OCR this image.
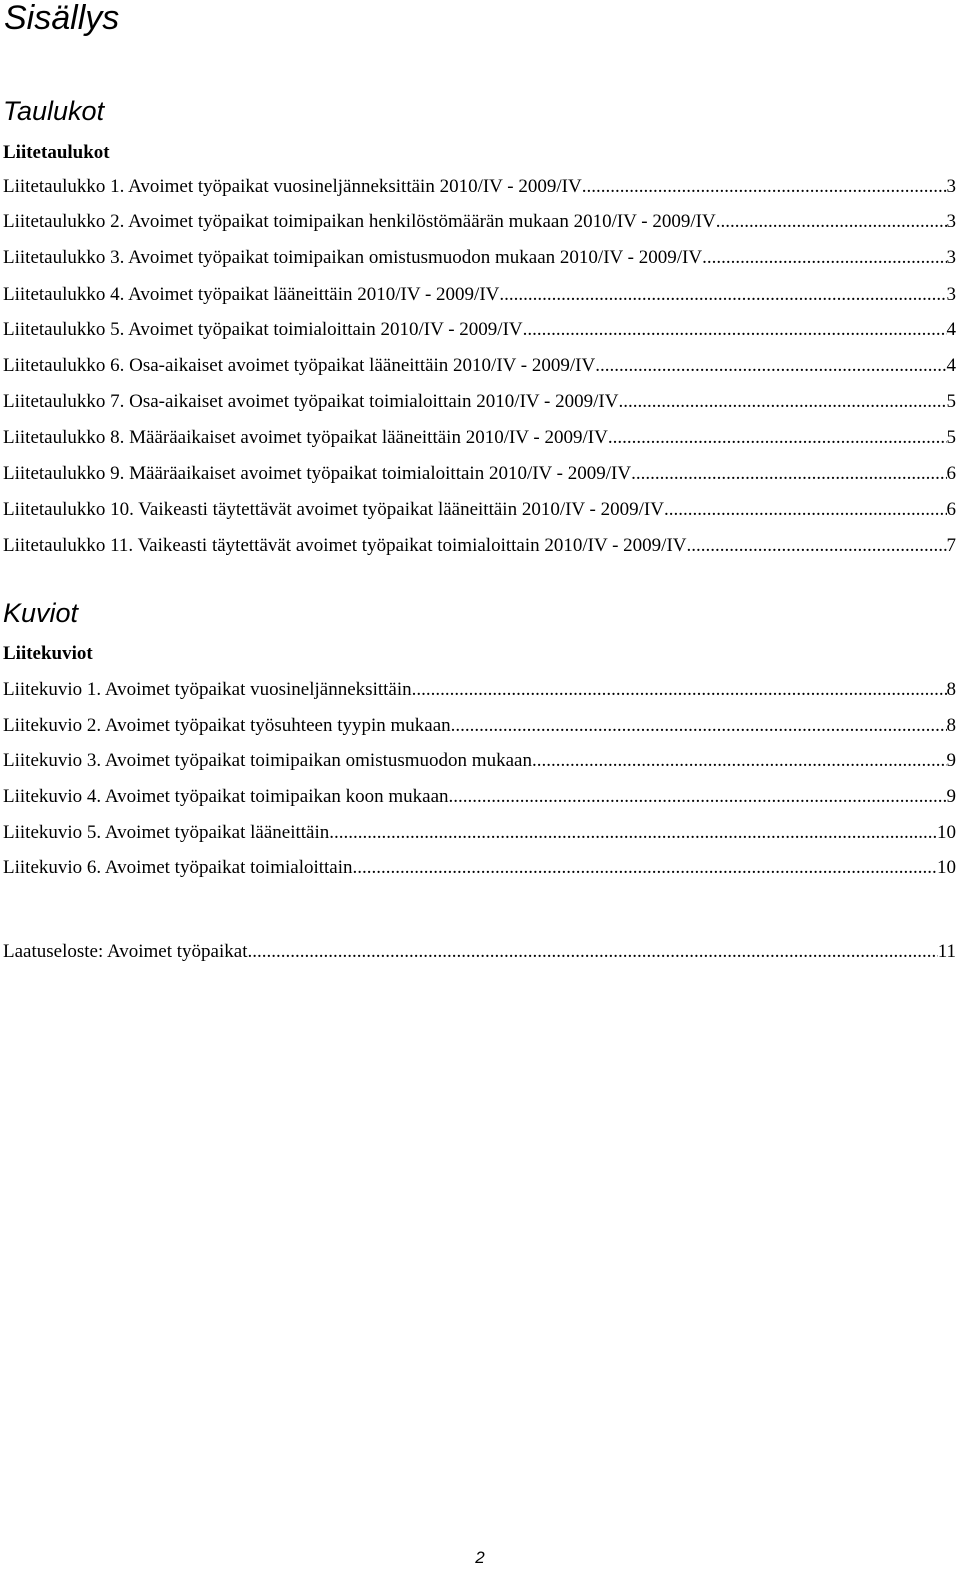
Sisällys
Taulukot
Liitetaulukot
Liitetaulukko 1. Avoimet työpaikat vuosineljänneksittäin 2010/IV - 2009/IV .....	3
Liitetaulukko 2. Avoimet työpaikat toimipaikan henkilöstömäärän mukaan 2010/IV - 2009/IV .....	3
Liitetaulukko 3. Avoimet työpaikat toimipaikan omistusmuodon mukaan 2010/IV - 2009/IV .....	3
Liitetaulukko 4. Avoimet työpaikat lääneittäin 2010/IV - 2009/IV .....	3
Liitetaulukko 5. Avoimet työpaikat toimialoittain 2010/IV - 2009/IV .....	4
Liitetaulukko 6. Osa-aikaiset avoimet työpaikat lääneittäin 2010/IV - 2009/IV .....	4
Liitetaulukko 7. Osa-aikaiset avoimet työpaikat toimialoittain 2010/IV - 2009/IV .....	5
Liitetaulukko 8. Määräaikaiset avoimet työpaikat lääneittäin 2010/IV - 2009/IV .....	5
Liitetaulukko 9. Määräaikaiset avoimet työpaikat toimialoittain 2010/IV - 2009/IV .....	6
Liitetaulukko 10. Vaikeasti täytettävät avoimet työpaikat lääneittäin 2010/IV - 2009/IV .....	6
Liitetaulukko 11. Vaikeasti täytettävät avoimet työpaikat toimialoittain 2010/IV - 2009/IV .....	7
Kuviot
Liitekuviot
Liitekuvio 1. Avoimet työpaikat vuosineljänneksittäin .....	8
Liitekuvio 2. Avoimet työpaikat työsuhteen tyypin mukaan .....	8
Liitekuvio 3. Avoimet työpaikat toimipaikan omistusmuodon mukaan .....	9
Liitekuvio 4. Avoimet työpaikat toimipaikan koon mukaan .....	9
Liitekuvio 5. Avoimet työpaikat lääneittäin .....	10
Liitekuvio 6. Avoimet työpaikat toimialoittain .....	10
Laatuseloste: Avoimet työpaikat .....	11
2
